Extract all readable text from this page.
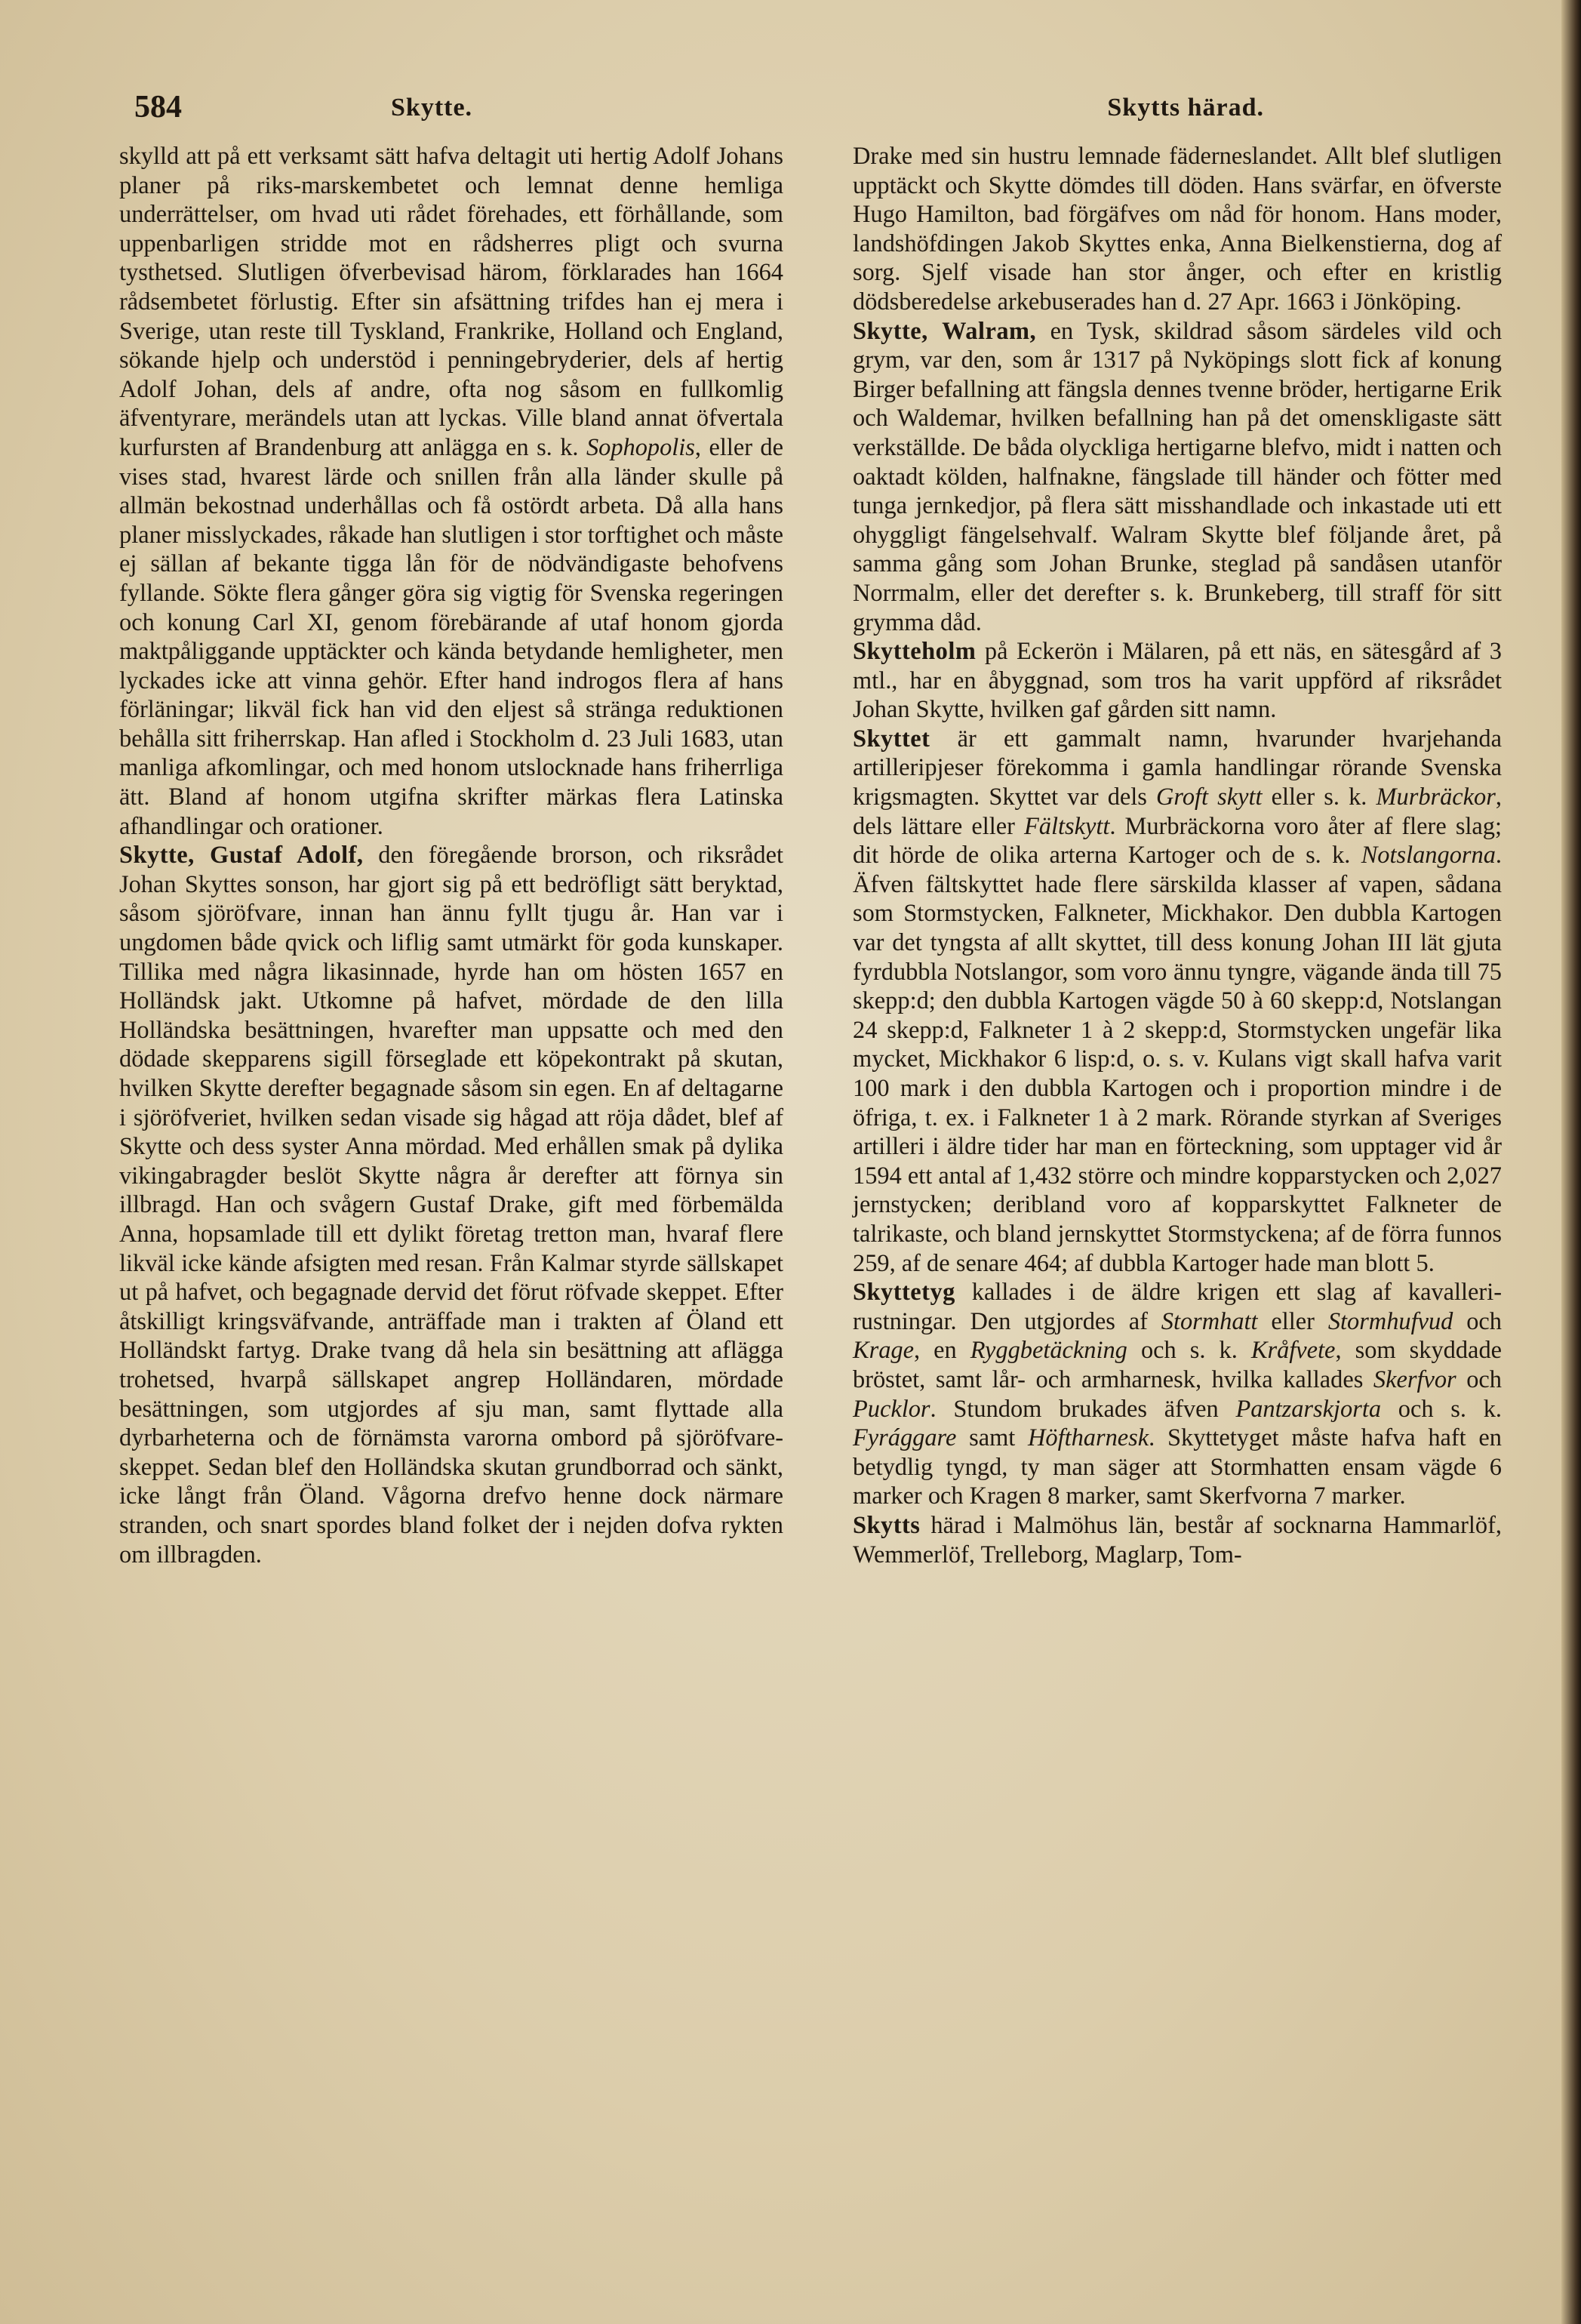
584	Skytte.	Skytts härad.

skylld att på ett verksamt sätt hafva deltagit uti hertig Adolf Johans planer på riks-marskembetet och lemnat denne hemliga underrättelser, om hvad uti rådet förehades, ett förhållande, som uppenbarligen stridde mot en rådsherres pligt och svurna tysthetsed. Slutligen öfverbevisad härom, förklarades han 1664 rådsembetet förlustig. Efter sin afsättning trifdes han ej mera i Sverige, utan reste till Tyskland, Frankrike, Holland och England, sökande hjelp och understöd i penningebryderier, dels af hertig Adolf Johan, dels af andre, ofta nog såsom en fullkomlig äfventyrare, merändels utan att lyckas. Ville bland annat öfvertala kurfursten af Brandenburg att anlägga en s. k. Sophopolis, eller de vises stad, hvarest lärde och snillen från alla länder skulle på allmän bekostnad underhållas och få ostördt arbeta. Då alla hans planer misslyckades, råkade han slutligen i stor torftighet och måste ej sällan af bekante tigga lån för de nödvändigaste behofvens fyllande. Sökte flera gånger göra sig vigtig för Svenska regeringen och konung Carl XI, genom förebärande af utaf honom gjorda maktpåliggande upptäckter och kända betydande hemligheter, men lyckades icke att vinna gehör. Efter hand indrogos flera af hans förläningar; likväl fick han vid den eljest så stränga reduktionen behålla sitt friherrskap. Han afled i Stockholm d. 23 Juli 1683, utan manliga afkomlingar, och med honom utslocknade hans friherrliga ätt. Bland af honom utgifna skrifter märkas flera Latinska afhandlingar och orationer.

Skytte, Gustaf Adolf, den föregående brorson, och riksrådet Johan Skyttes sonson, har gjort sig på ett bedröfligt sätt beryktad, såsom sjöröfvare, innan han ännu fyllt tjugu år. Han var i ungdomen både qvick och liflig samt utmärkt för goda kunskaper. Tillika med några likasinnade, hyrde han om hösten 1657 en Holländsk jakt. Utkomne på hafvet, mördade de den lilla Holländska besättningen, hvarefter man uppsatte och med den dödade skepparens sigill förseglade ett köpekontrakt på skutan, hvilken Skytte derefter begagnade såsom sin egen. En af deltagarne i sjöröfveriet, hvilken sedan visade sig hågad att röja dådet, blef af Skytte och dess syster Anna mördad. Med erhållen smak på dylika vikingabragder beslöt Skytte några år derefter att förnya sin illbragd. Han och svågern Gustaf Drake, gift med förbemälda Anna, hopsamlade till ett dylikt företag tretton man, hvaraf flere likväl icke kände afsigten med resan. Från Kalmar styrde sällskapet ut på hafvet, och begagnade dervid det förut röfvade skeppet. Efter åtskilligt kringsväfvande, anträffade man i trakten af Öland ett Holländskt fartyg. Drake tvang då hela sin besättning att aflägga trohetsed, hvarpå sällskapet angrep Holländaren, mördade besättningen, som utgjordes af sju man, samt flyttade alla dyrbarheterna och de förnämsta varorna ombord på sjöröfvare-skeppet. Sedan blef den Holländska skutan grundborrad och sänkt, icke långt från Öland. Vågorna drefvo henne dock närmare stranden, och snart spordes bland folket der i nejden dofva rykten om illbragden.

Drake med sin hustru lemnade fäderneslandet. Allt blef slutligen upptäckt och Skytte dömdes till döden. Hans svärfar, en öfverste Hugo Hamilton, bad förgäfves om nåd för honom. Hans moder, landshöfdingen Jakob Skyttes enka, Anna Bielkenstierna, dog af sorg. Sjelf visade han stor ånger, och efter en kristlig dödsberedelse arkebuserades han d. 27 Apr. 1663 i Jönköping.

Skytte, Walram, en Tysk, skildrad såsom särdeles vild och grym, var den, som år 1317 på Nyköpings slott fick af konung Birger befallning att fängsla dennes tvenne bröder, hertigarne Erik och Waldemar, hvilken befallning han på det omenskligaste sätt verkställde. De båda olyckliga hertigarne blefvo, midt i natten och oaktadt kölden, halfnakne, fängslade till händer och fötter med tunga jernkedjor, på flera sätt misshandlade och inkastade uti ett ohyggligt fängelsehvalf. Walram Skytte blef följande året, på samma gång som Johan Brunke, steglad på sandåsen utanför Norrmalm, eller det derefter s. k. Brunkeberg, till straff för sitt grymma dåd.

Skytteholm på Eckerön i Mälaren, på ett näs, en sätesgård af 3 mtl., har en åbyggnad, som tros ha varit uppförd af riksrådet Johan Skytte, hvilken gaf gården sitt namn.

Skyttet är ett gammalt namn, hvarunder hvarjehanda artilleripjeser förekomma i gamla handlingar rörande Svenska krigsmagten. Skyttet var dels Groft skytt eller s. k. Murbräckor, dels lättare eller Fältskytt. Murbräckorna voro åter af flere slag; dit hörde de olika arterna Kartoger och de s. k. Notslangorna. Äfven fältskyttet hade flere särskilda klasser af vapen, sådana som Stormstycken, Falkneter, Mickhakor. Den dubbla Kartogen var det tyngsta af allt skyttet, till dess konung Johan III lät gjuta fyrdubbla Notslangor, som voro ännu tyngre, vägande ända till 75 skepp:d; den dubbla Kartogen vägde 50 à 60 skepp:d, Notslangan 24 skepp:d, Falkneter 1 à 2 skepp:d, Stormstycken ungefär lika mycket, Mickhakor 6 lisp:d, o. s. v. Kulans vigt skall hafva varit 100 mark i den dubbla Kartogen och i proportion mindre i de öfriga, t. ex. i Falkneter 1 à 2 mark. Rörande styrkan af Sveriges artilleri i äldre tider har man en förteckning, som upptager vid år 1594 ett antal af 1,432 större och mindre kopparstycken och 2,027 jernstycken; deribland voro af kopparskyttet Falkneter de talrikaste, och bland jernskyttet Stormstyckena; af de förra funnos 259, af de senare 464; af dubbla Kartoger hade man blott 5.

Skyttetyg kallades i de äldre krigen ett slag af kavalleri-rustningar. Den utgjordes af Stormhatt eller Stormhufvud och Krage, en Ryggbetäckning och s. k. Kråfvete, som skyddade bröstet, samt lår- och armharnesk, hvilka kallades Skerfvor och Pucklor. Stundom brukades äfven Pantzarskjorta och s. k. Fyrággare samt Höftharnesk. Skyttetyget måste hafva haft en betydlig tyngd, ty man säger att Stormhatten ensam vägde 6 marker och Kragen 8 marker, samt Skerfvorna 7 marker.

Skytts härad i Malmöhus län, består af socknarna Hammarlöf, Wemmerlöf, Trelleborg, Maglarp, Tom-
